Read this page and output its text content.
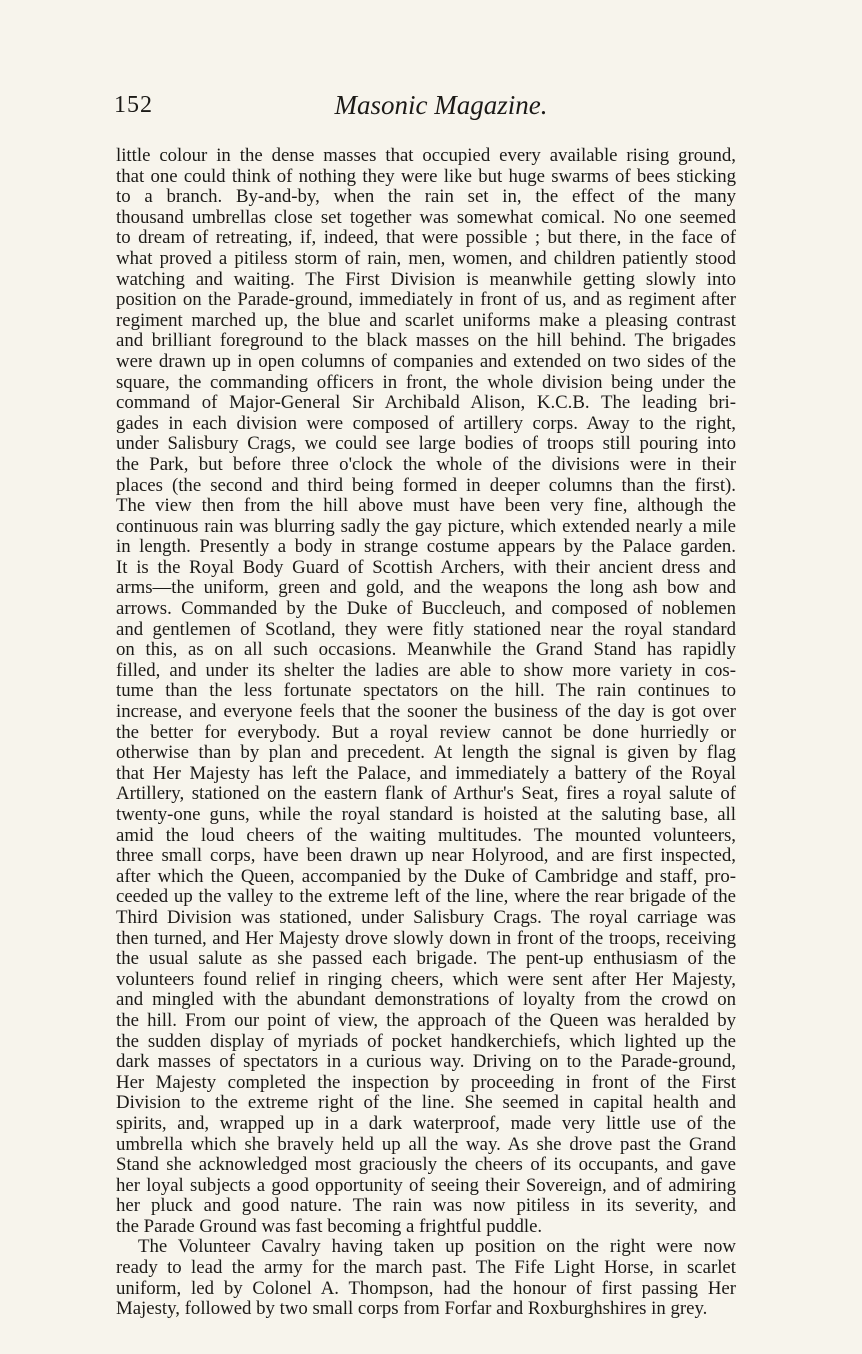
152	Masonic Magazine.
little colour in the dense masses that occupied every available rising ground,
that one could think of nothing they were like but huge swarms of bees sticking
to a branch. By-and-by, when the rain set in, the effect of the many
thousand umbrellas close set together was somewhat comical. No one seemed
to dream of retreating, if, indeed, that were possible ; but there, in the face of
what proved a pitiless storm of rain, men, women, and children patiently stood
watching and waiting. The First Division is meanwhile getting slowly into
position on the Parade-ground, immediately in front of us, and as regiment after
regiment marched up, the blue and scarlet uniforms make a pleasing contrast
and brilliant foreground to the black masses on the hill behind. The brigades
were drawn up in open columns of companies and extended on two sides of the
square, the commanding officers in front, the whole division being under the
command of Major-General Sir Archibald Alison, K.C.B. The leading bri-
gades in each division were composed of artillery corps. Away to the right,
under Salisbury Crags, we could see large bodies of troops still pouring into
the Park, but before three o'clock the whole of the divisions were in their
places (the second and third being formed in deeper columns than the first).
The view then from the hill above must have been very fine, although the
continuous rain was blurring sadly the gay picture, which extended nearly a mile
in length. Presently a body in strange costume appears by the Palace garden.
It is the Royal Body Guard of Scottish Archers, with their ancient dress and
arms—the uniform, green and gold, and the weapons the long ash bow and
arrows. Commanded by the Duke of Buccleuch, and composed of noblemen
and gentlemen of Scotland, they were fitly stationed near the royal standard
on this, as on all such occasions. Meanwhile the Grand Stand has rapidly
filled, and under its shelter the ladies are able to show more variety in cos-
tume than the less fortunate spectators on the hill. The rain continues to
increase, and everyone feels that the sooner the business of the day is got over
the better for everybody. But a royal review cannot be done hurriedly or
otherwise than by plan and precedent. At length the signal is given by flag
that Her Majesty has left the Palace, and immediately a battery of the Royal
Artillery, stationed on the eastern flank of Arthur's Seat, fires a royal salute of
twenty-one guns, while the royal standard is hoisted at the saluting base, all
amid the loud cheers of the waiting multitudes. The mounted volunteers,
three small corps, have been drawn up near Holyrood, and are first inspected,
after which the Queen, accompanied by the Duke of Cambridge and staff, pro-
ceeded up the valley to the extreme left of the line, where the rear brigade of the
Third Division was stationed, under Salisbury Crags. The royal carriage was
then turned, and Her Majesty drove slowly down in front of the troops, receiving
the usual salute as she passed each brigade. The pent-up enthusiasm of the
volunteers found relief in ringing cheers, which were sent after Her Majesty,
and mingled with the abundant demonstrations of loyalty from the crowd on
the hill. From our point of view, the approach of the Queen was heralded by
the sudden display of myriads of pocket handkerchiefs, which lighted up the
dark masses of spectators in a curious way. Driving on to the Parade-ground,
Her Majesty completed the inspection by proceeding in front of the First
Division to the extreme right of the line. She seemed in capital health and
spirits, and, wrapped up in a dark waterproof, made very little use of the
umbrella which she bravely held up all the way. As she drove past the Grand
Stand she acknowledged most graciously the cheers of its occupants, and gave
her loyal subjects a good opportunity of seeing their Sovereign, and of admiring
her pluck and good nature. The rain was now pitiless in its severity, and
the Parade Ground was fast becoming a frightful puddle.
The Volunteer Cavalry having taken up position on the right were now
ready to lead the army for the march past. The Fife Light Horse, in scarlet
uniform, led by Colonel A. Thompson, had the honour of first passing Her
Majesty, followed by two small corps from Forfar and Roxburghshires in grey.
